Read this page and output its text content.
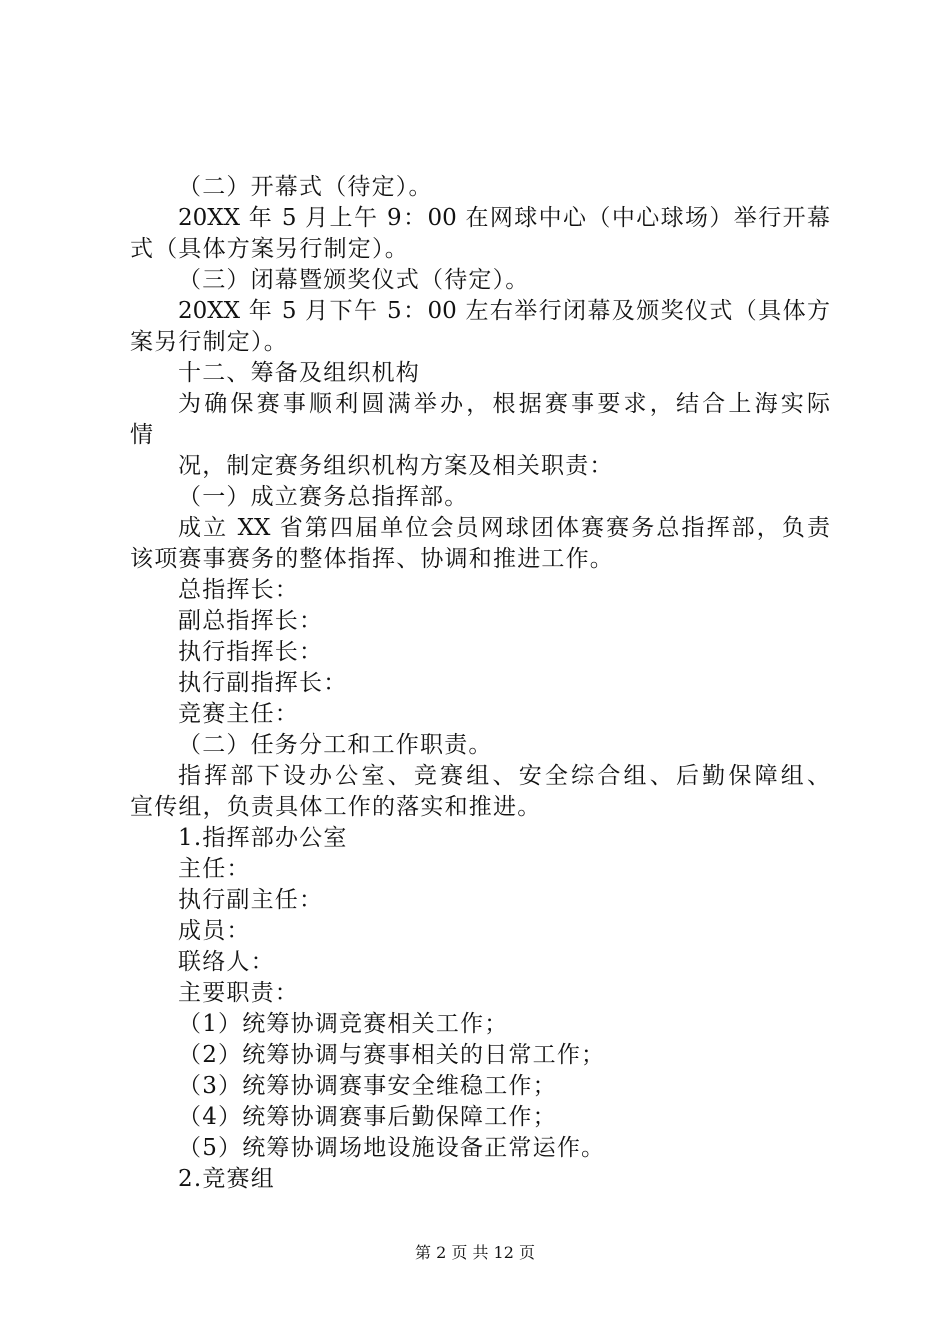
（二）开幕式（待定）。
20XX 年 5 月上午 9：00 在网球中心（中心球场）举行开幕
式（具体方案另行制定）。
（三）闭幕暨颁奖仪式（待定）。
20XX 年 5 月下午 5：00 左右举行闭幕及颁奖仪式（具体方
案另行制定）。
十二、筹备及组织机构
为确保赛事顺利圆满举办，根据赛事要求，结合上海实际
情
况，制定赛务组织机构方案及相关职责：
（一）成立赛务总指挥部。
成立 XX 省第四届单位会员网球团体赛赛务总指挥部，负责
该项赛事赛务的整体指挥、协调和推进工作。
总指挥长：
副总指挥长：
执行指挥长：
执行副指挥长：
竞赛主任：
（二）任务分工和工作职责。
指挥部下设办公室、竞赛组、安全综合组、后勤保障组、
宣传组，负责具体工作的落实和推进。
1.指挥部办公室
主任：
执行副主任：
成员：
联络人：
主要职责：
（1）统筹协调竞赛相关工作；
（2）统筹协调与赛事相关的日常工作；
（3）统筹协调赛事安全维稳工作；
（4）统筹协调赛事后勤保障工作；
（5）统筹协调场地设施设备正常运作。
2.竞赛组
第 2 页 共 12 页
